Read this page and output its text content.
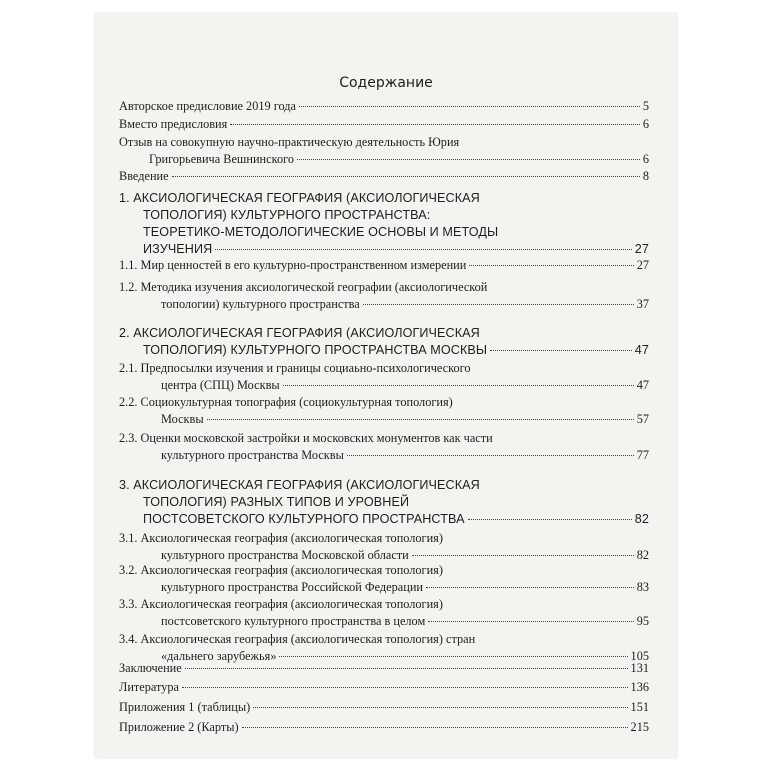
Содержание
Авторское предисловие 2019 года	5
Вместо предисловия	6
Отзыв на совокупную научно-практическую деятельность Юрия
Григорьевича Вешнинского	6
Введение	8
1. АКСИОЛОГИЧЕСКАЯ ГЕОГРАФИЯ (АКСИОЛОГИЧЕСКАЯ
ТОПОЛОГИЯ) КУЛЬТУРНОГО ПРОСТРАНСТВА:
ТЕОРЕТИКО-МЕТОДОЛОГИЧЕСКИЕ ОСНОВЫ И МЕТОДЫ
ИЗУЧЕНИЯ	27
1.1. Мир ценностей в его культурно-пространственном измерении	27
1.2. Методика изучения аксиологической географии (аксиологической
топологии) культурного пространства	37
2. АКСИОЛОГИЧЕСКАЯ ГЕОГРАФИЯ (АКСИОЛОГИЧЕСКАЯ
ТОПОЛОГИЯ) КУЛЬТУРНОГО ПРОСТРАНСТВА МОСКВЫ	47
2.1. Предпосылки изучения и границы социаьно-психологического
центра (СПЦ) Москвы	47
2.2. Социокультурная топография (социокультурная топология)
Москвы	57
2.3. Оценки московской застройки и московских монументов как части
культурного пространства Москвы	77
3. АКСИОЛОГИЧЕСКАЯ ГЕОГРАФИЯ (АКСИОЛОГИЧЕСКАЯ
ТОПОЛОГИЯ) РАЗНЫХ ТИПОВ И УРОВНЕЙ
ПОСТСОВЕТСКОГО КУЛЬТУРНОГО ПРОСТРАНСТВА	82
3.1. Аксиологическая география (аксиологическая топология)
культурного пространства Московской области	82
3.2. Аксиологическая география (аксиологическая топология)
культурного пространства Российской Федерации	83
3.3. Аксиологическая география (аксиологическая топология)
постсоветского культурного пространства в целом	95
3.4. Аксиологическая география (аксиологическая топология) стран
«дальнего зарубежья»	105
Заключение	131
Литература	136
Приложения 1 (таблицы)	151
Приложение 2 (Карты)	215
